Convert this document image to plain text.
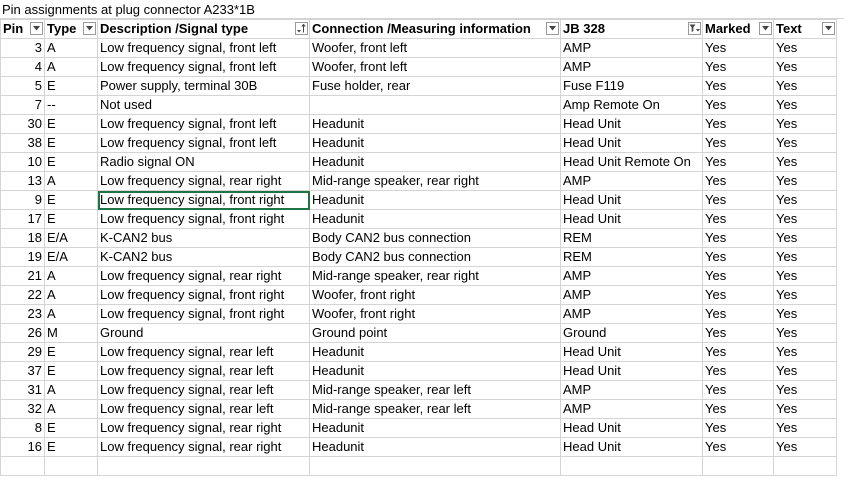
Pin assignments at plug connector A233*1B
Pin	Type	Description /Signal type	Connection /Measuring information	JB 328	Marked	Text

3	A	Low frequency signal, front left	Woofer, front left	AMP	Yes	Yes
4	A	Low frequency signal, front left	Woofer, front left	AMP	Yes	Yes
5	E	Power supply, terminal 30B	Fuse holder, rear	Fuse F119	Yes	Yes
7	--	Not used		Amp Remote On	Yes	Yes
30	E	Low frequency signal, front left	Headunit	Head Unit	Yes	Yes
38	E	Low frequency signal, front left	Headunit	Head Unit	Yes	Yes
10	E	Radio signal ON	Headunit	Head Unit Remote On	Yes	Yes
13	A	Low frequency signal, rear right	Mid-range speaker, rear right	AMP	Yes	Yes
9	E	Low frequency signal, front right	Headunit	Head Unit	Yes	Yes
17	E	Low frequency signal, front right	Headunit	Head Unit	Yes	Yes
18	E/A	K-CAN2 bus	Body CAN2 bus connection	REM	Yes	Yes
19	E/A	K-CAN2 bus	Body CAN2 bus connection	REM	Yes	Yes
21	A	Low frequency signal, rear right	Mid-range speaker, rear right	AMP	Yes	Yes
22	A	Low frequency signal, front right	Woofer, front right	AMP	Yes	Yes
23	A	Low frequency signal, front right	Woofer, front right	AMP	Yes	Yes
26	M	Ground	Ground point	Ground	Yes	Yes
29	E	Low frequency signal, rear left	Headunit	Head Unit	Yes	Yes
37	E	Low frequency signal, rear left	Headunit	Head Unit	Yes	Yes
31	A	Low frequency signal, rear left	Mid-range speaker, rear left	AMP	Yes	Yes
32	A	Low frequency signal, rear left	Mid-range speaker, rear left	AMP	Yes	Yes
8	E	Low frequency signal, rear right	Headunit	Head Unit	Yes	Yes
16	E	Low frequency signal, rear right	Headunit	Head Unit	Yes	Yes
